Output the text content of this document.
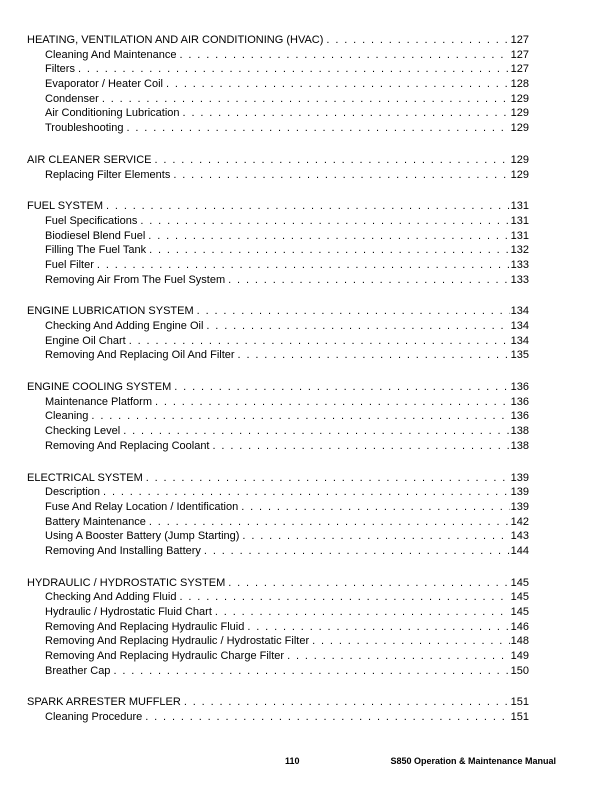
HEATING, VENTILATION AND AIR CONDITIONING (HVAC) . . .	127
Cleaning And Maintenance . . .	127
Filters . . .	127
Evaporator / Heater Coil . . .	128
Condenser . . .	129
Air Conditioning Lubrication . . .	129
Troubleshooting . . .	129
AIR CLEANER SERVICE . . .	129
Replacing Filter Elements . . .	129
FUEL SYSTEM . . .	131
Fuel Specifications . . .	131
Biodiesel Blend Fuel . . .	131
Filling The Fuel Tank . . .	132
Fuel Filter . . .	133
Removing Air From The Fuel System . . .	133
ENGINE LUBRICATION SYSTEM . . .	134
Checking And Adding Engine Oil . . .	134
Engine Oil Chart . . .	134
Removing And Replacing Oil And Filter . . .	135
ENGINE COOLING SYSTEM . . .	136
Maintenance Platform . . .	136
Cleaning . . .	136
Checking Level . . .	138
Removing And Replacing Coolant . . .	138
ELECTRICAL SYSTEM . . .	139
Description . . .	139
Fuse And Relay Location / Identification . . .	139
Battery Maintenance . . .	142
Using A Booster Battery (Jump Starting) . . .	143
Removing And Installing Battery . . .	144
HYDRAULIC / HYDROSTATIC SYSTEM . . .	145
Checking And Adding Fluid . . .	145
Hydraulic / Hydrostatic Fluid Chart . . .	145
Removing And Replacing Hydraulic Fluid . . .	146
Removing And Replacing Hydraulic / Hydrostatic Filter . . .	148
Removing And Replacing Hydraulic Charge Filter . . .	149
Breather Cap . . .	150
SPARK ARRESTER MUFFLER . . .	151
Cleaning Procedure . . .	151
110	S850 Operation & Maintenance Manual
